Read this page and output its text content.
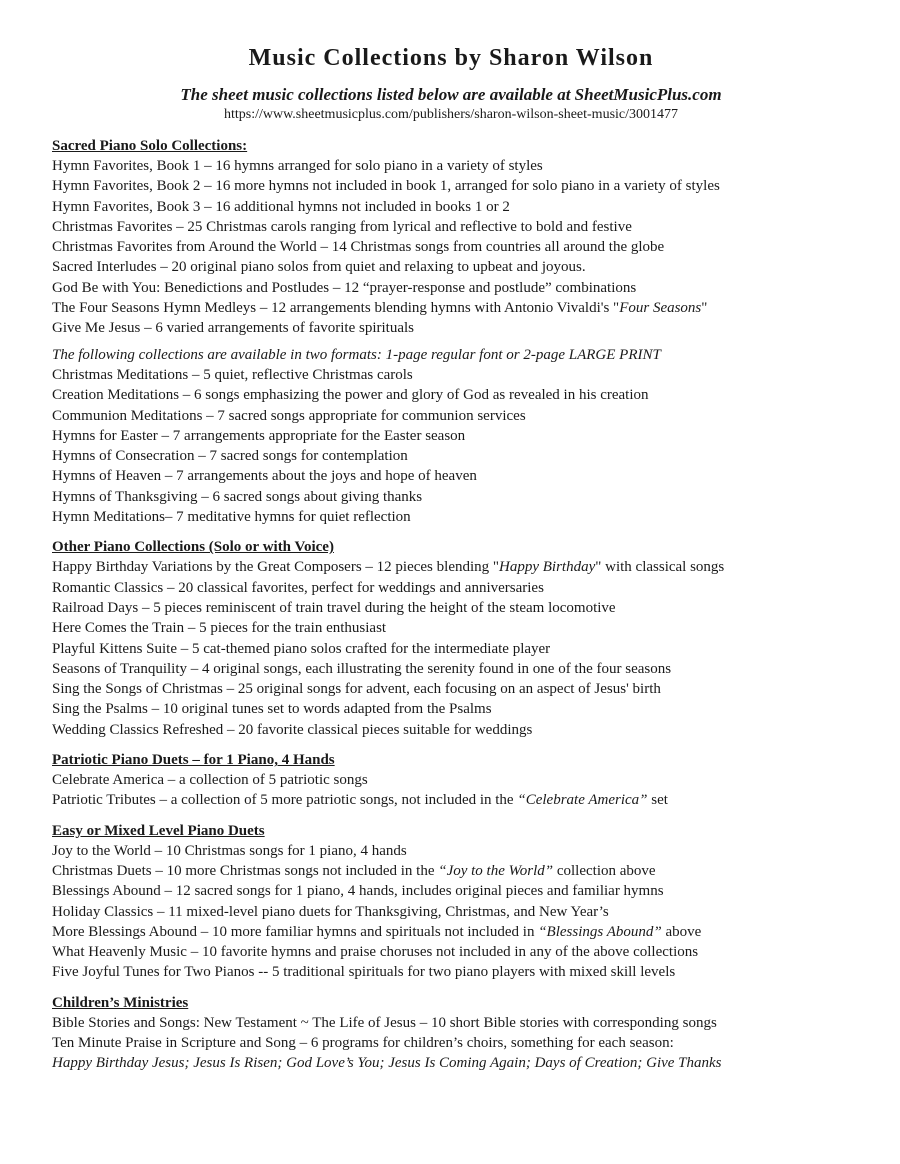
Music Collections by Sharon Wilson
The sheet music collections listed below are available at SheetMusicPlus.com
https://www.sheetmusicplus.com/publishers/sharon-wilson-sheet-music/3001477
Sacred Piano Solo Collections:
Hymn Favorites, Book 1 – 16 hymns arranged for solo piano in a variety of styles
Hymn Favorites, Book 2 – 16 more hymns not included in book 1, arranged for solo piano in a variety of styles
Hymn Favorites, Book 3 – 16 additional hymns not included in books 1 or 2
Christmas Favorites – 25 Christmas carols ranging from lyrical and reflective to bold and festive
Christmas Favorites from Around the World – 14 Christmas songs from countries all around the globe
Sacred Interludes – 20 original piano solos from quiet and relaxing to upbeat and joyous.
God Be with You: Benedictions and Postludes – 12 “prayer-response and postlude” combinations
The Four Seasons Hymn Medleys – 12 arrangements blending hymns with Antonio Vivaldi's "Four Seasons"
Give Me Jesus – 6 varied arrangements of favorite spirituals
The following collections are available in two formats: 1-page regular font or 2-page LARGE PRINT
Christmas Meditations – 5 quiet, reflective Christmas carols
Creation Meditations – 6 songs emphasizing the power and glory of God as revealed in his creation
Communion Meditations – 7 sacred songs appropriate for communion services
Hymns for Easter – 7 arrangements appropriate for the Easter season
Hymns of Consecration – 7 sacred songs for contemplation
Hymns of Heaven – 7 arrangements about the joys and hope of heaven
Hymns of Thanksgiving – 6 sacred songs about giving thanks
Hymn Meditations– 7 meditative hymns for quiet reflection
Other Piano Collections (Solo or with Voice)
Happy Birthday Variations by the Great Composers – 12 pieces blending "Happy Birthday" with classical songs
Romantic Classics – 20 classical favorites, perfect for weddings and anniversaries
Railroad Days – 5 pieces reminiscent of train travel during the height of the steam locomotive
Here Comes the Train – 5 pieces for the train enthusiast
Playful Kittens Suite – 5 cat-themed piano solos crafted for the intermediate player
Seasons of Tranquility – 4 original songs, each illustrating the serenity found in one of the four seasons
Sing the Songs of Christmas – 25 original songs for advent, each focusing on an aspect of Jesus' birth
Sing the Psalms – 10 original tunes set to words adapted from the Psalms
Wedding Classics Refreshed – 20 favorite classical pieces suitable for weddings
Patriotic Piano Duets – for 1 Piano, 4 Hands
Celebrate America – a collection of 5 patriotic songs
Patriotic Tributes – a collection of 5 more patriotic songs, not included in the “Celebrate America” set
Easy or Mixed Level Piano Duets
Joy to the World – 10 Christmas songs for 1 piano, 4 hands
Christmas Duets – 10 more Christmas songs not included in the “Joy to the World” collection above
Blessings Abound – 12 sacred songs for 1 piano, 4 hands, includes original pieces and familiar hymns
Holiday Classics – 11 mixed-level piano duets for Thanksgiving, Christmas, and New Year’s
More Blessings Abound – 10 more familiar hymns and spirituals not included in “Blessings Abound” above
What Heavenly Music – 10 favorite hymns and praise choruses not included in any of the above collections
Five Joyful Tunes for Two Pianos -- 5 traditional spirituals for two piano players with mixed skill levels
Children’s Ministries
Bible Stories and Songs: New Testament ~ The Life of Jesus – 10 short Bible stories with corresponding songs
Ten Minute Praise in Scripture and Song – 6 programs for children’s choirs, something for each season:
Happy Birthday Jesus; Jesus Is Risen; God Love’s You; Jesus Is Coming Again; Days of Creation; Give Thanks
